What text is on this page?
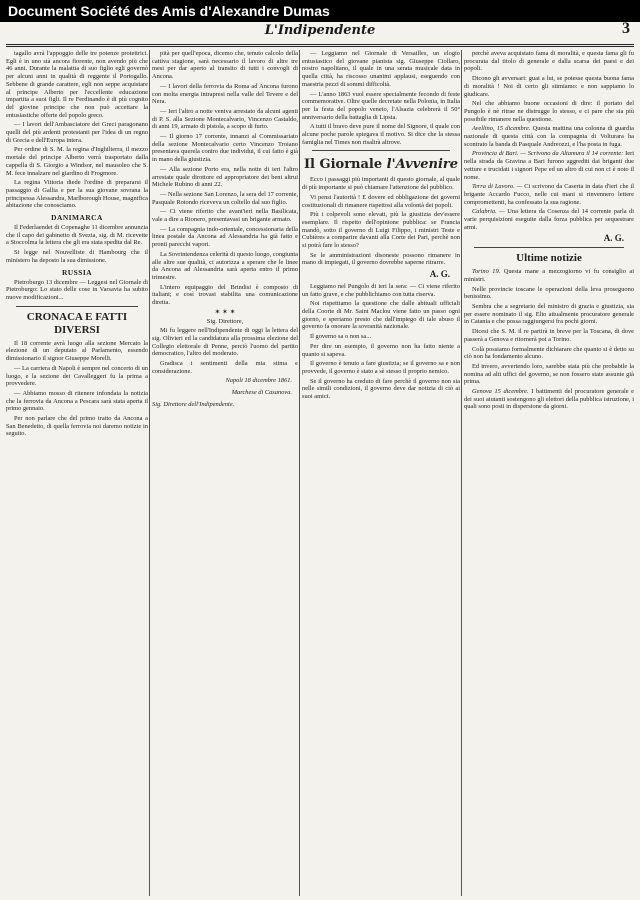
Document Société des Amis d'Alexandre Dumas
L'Indipendente	3

tagallo avrà l'appoggio delle tre potenze protettrici. Egli è in uno stà ancora fiorente, non avendo più che 46 anni. Durante la malattia di suo figlio egli governò per alcuni anni in qualità di reggente il Portogallo. Sebbene di grande carattere, egli non seppe acquistare al principe Alberto per l'eccellente educazione impartita a suoi figli. Il re Ferdinando è di più cognito del giovine principe che non può accettare la entusiastiche offerte del popolo greco.

— I lavori dell'Ambasciatore dei Greci paragonano quelli del più ardenti protestanti per l'idea di un regno di Grecia e dell'Europa intera.

Per ordine di S. M. la regina d'Inghilterra, il mezzo mortale del principe Alberto verrà trasportato dalla cappella di S. Giorgio a Windsor, nel mausoleo che S. M. fece innalzare nel giardino di Frogmore.

La regina Vittoria diede l'ordine di prepararsi il passaggio di Gallia e per la sua giovane sovrana la principessa Alessandra, Marlborough House, magnifica abitazione che conosciamo.

DANIMARCA

Il Federlaendet di Copenaghe 11 dicembre annunzia che il capo dei gabinetto di Svezia, sig. di M. ricevette a Stoccolma la lettera che gli era stata spedita dal Re.

Si legge nel Nouvelliste di Hambourg che il ministero ha deposto la sua dimissione.

RUSSIA

Pietroburgo 13 dicembre — Leggesi nel Giornale di Pietroburgo: Lo stato delle cose in Varsavia ha subito nuove modificazioni...

CRONACA E FATTI DIVERSI

Il 18 corrente avrà luogo alla sezione Mercato la elezione di un deputato al Parlamento, essendo dimissionario il signor Giuseppe Morelli.

— La carriera di Napoli è sempre nel concerto di un luogo, e la sezione dei Cavalleggeri fu la prima a provvedere.

— Abbiamo mosso di ritenere infondata la notizia che la ferrovia da Ancona a Pescara sarà stata aperta il primo gennaio.

Per non parlare che del primo tratto da Ancona a San Benedetto, di quella ferrovia noi daremo notizie in seguito.

pità per quell'epoca, dicemo che, tenuto calcolo della cattiva stagione, sarà necessario il lavoro di altre tre mesi per dar aperto al transito di tutti i convogli di Ancona.

— I lavori della ferrovia da Roma ad Ancona furono con molta energia intrapresi nella valle del Tevere e del Nera.

— Ieri l'altro a notte veniva arrestato da alcuni agenti di P. S. alla Sezione Montecalvario, Vincenzo Castaldo, di anni 19, armato di pistola, a scopo di furto.

— Il giorno 17 corrente, innanzi al Commissariato della sezione Montecalvario certo Vincenzo Troiano presentava querela contro due individui, il cui fatto è già in mano della giustizia.

— Alla sezione Porto era, nella notte di ieri l'altro arrestate quale dirottore ed appropriatore dei beni altrui Michele Rubino di anni 22.

— Nella sezione San Lorenzo, la sera del 17 corrente, Pasquale Rotondo riceveva un coltello dal suo figlio.

— Ci viene riferito che avant'ieri nella Basilicata, vale a dire a Rionero, presentavasi un brigante armato.

— La compagnia indo-orientale, concessionaria della linea postale da Ancona ad Alessandria ha già fatto e pronti parecchi vapori.

La Sovrintendenza celerità di questo luogo, congiunta alle altre sue qualità, ci autorizza a sperare che le linee da Ancona ad Alessandria sarà aperta entro il primo trimestre.

L'intero equipaggio del Brindisi è composto di italiani; e così trovasi stabilita una comunicazione diretta.

✶ ✶ ✶

Sig. Direttore,

Mi fu leggere nell'Indipendente di oggi la lettera del sig. Olivieri ed la candidatura alla prossima elezione del Collegio elettorale di Penne, perciò l'uomo del partito democratico, l'altro del moderato.

Gradisca i sentimenti della mia stima e considerazione.

Napoli 18 dicembre 1861.
Marchese di Casanova.
Sig. Direttore dell'Indipendente.

— Leggiamo nel Giornale di Versailles, un elogio entusiastico del giovane pianista sig. Giuseppe Ciollaro, nostro napolitano, il quale in una serata musicale data in quella città, ha riscosso unanimi applausi, eseguendo con maestria pezzi di sommi difficoltà.

— L'anno 1863 vuol essere specialmente fecondo di feste commemorative. Oltre quelle decretate nella Polonia, in Italia per la festa del popolo veneto, l'Alsazia celebrerà il 50° anniversario della battaglia di Lipsia.

A tutti il bravo deve pure il nome del Signore, il quale con alcune poche parole spiegava il motivo. Si dice che la stessa famiglia nel Times non risalirà altrove.

Il Giornale l'Avvenire

Ecco i passaggi più importanti di questo giornale, al quale di più importante si può chiamare l'attenzione del pubblico.

Vi pensi l'autorità ! E dovere ed obbligazione dei governi costituzionali di rimanere rispettosi alla volontà dei popoli.

Più i colpevoli sono elevati, più la giustizia dev'essere esemplare. Il rispetto dell'opinione pubblica: se Francia mandò, sotto il governo di Luigi Filippo, i ministri Teste e Cubières a comparire davanti alla Corte dei Pari, perchè non si potrà fare lo stesso?

Se le amministrazioni disoneste possono rimanere in mano di impiegati, il governo dovrebbe saperne ritrarre.

A. G.

Leggiamo nel Pungolo di ieri la sera: — Ci viene riferito un fatto grave, e che pubblichiamo con tutta riserva.

Noi rispettiamo la questione che dalle abituali ufficiali della Coorte di Mr. Saint Maclou viene fatto un passo ogni giorno, e speriamo presto che dall'impiego di tale abuso il governo fa onorare la sovranità nazionale.

Il governo sa o non sa...

Per dire un esempio, il governo non ha fatto niente a quanto si sapeva.

Il governo è tenuto a fare giustizia; se il governo sa e non provvede, il governo è stato a sè stesso il proprio nemico.

Se il governo ha creduto di fare perchè il governo non sia nelle simili condizioni, il governo deve dar notizia di ciò ai suoi amici.

perchè aveva acquistato fama di moralità, e questa fama gli fu procurata dal titolo di generale e dalla scarsa dei paesi e dei popoli.

Dicono gli avversari: guai a lui, se potesse questa buona fama di moralità ! Noi di certo gli stimiamo: e non sappiamo lo giudicare.

Nel che abbiamo buone occasioni di dire: il portato del Pungolo è nè ritrae ne distrugge lo stesso, e ci pare che sia più possibile rimanere nella questione.

Avellino, 15 dicembre. Questa mattina una colonna di guardia nazionale di questa città con la compagnia di Volturara ha scontrato la banda di Pasquale Andreozzi, e l'ha posta in fuga.

Provincia di Bari. — Scrivono da Altamura il 14 corrente: Ieri nella strada da Gravina a Bari furono aggrediti dai briganti due vetture e trucidati i signori Pepe ed un altro di cui non ci è noto il nome.

Terra di Lavoro. — Ci scrivono da Caserta in data d'ieri che il brigante Accardo Fucco, nelle cui mani si rinvennero lettere compromettenti, ha confessato la sua ragione.

Calabria. — Una lettera da Cosenza del 14 corrente parla di varie perquisizioni eseguite dalla forza pubblica per sequestrare armi.

A. G.
Ultime notizie

Torino 19. Questa mane a mezzogiorno vi fu consiglio ai ministri.

Nelle provincie toscane le operazioni della leva proseguono benissimo.

Sembra che a segretario del ministro di grazia e giustizia, sia per essere nominato il sig. Elio attualmente procuratore generale in Catania e che possa raggiungersi fra pochi giorni.

Dicesi che S. M. il re partirà in breve per la Toscana, di dove passerà a Genova e ritornerà poi a Torino.

Colà possiamo formalmente dichiarare che quanto si è detto su ciò non ha fondamento alcuno.

Ed invero, avvertendo loro, sarebbe stata più che probabile la nomina ad alti uffici del governo, se non fossero state assunte già prima.

Genova 15 dicembre. I battimenti del procuratore generale e dei suoi aiutanti sostengono gli elettori della pubblica istruzione, i quali sono posti in dispersione da giorni.
